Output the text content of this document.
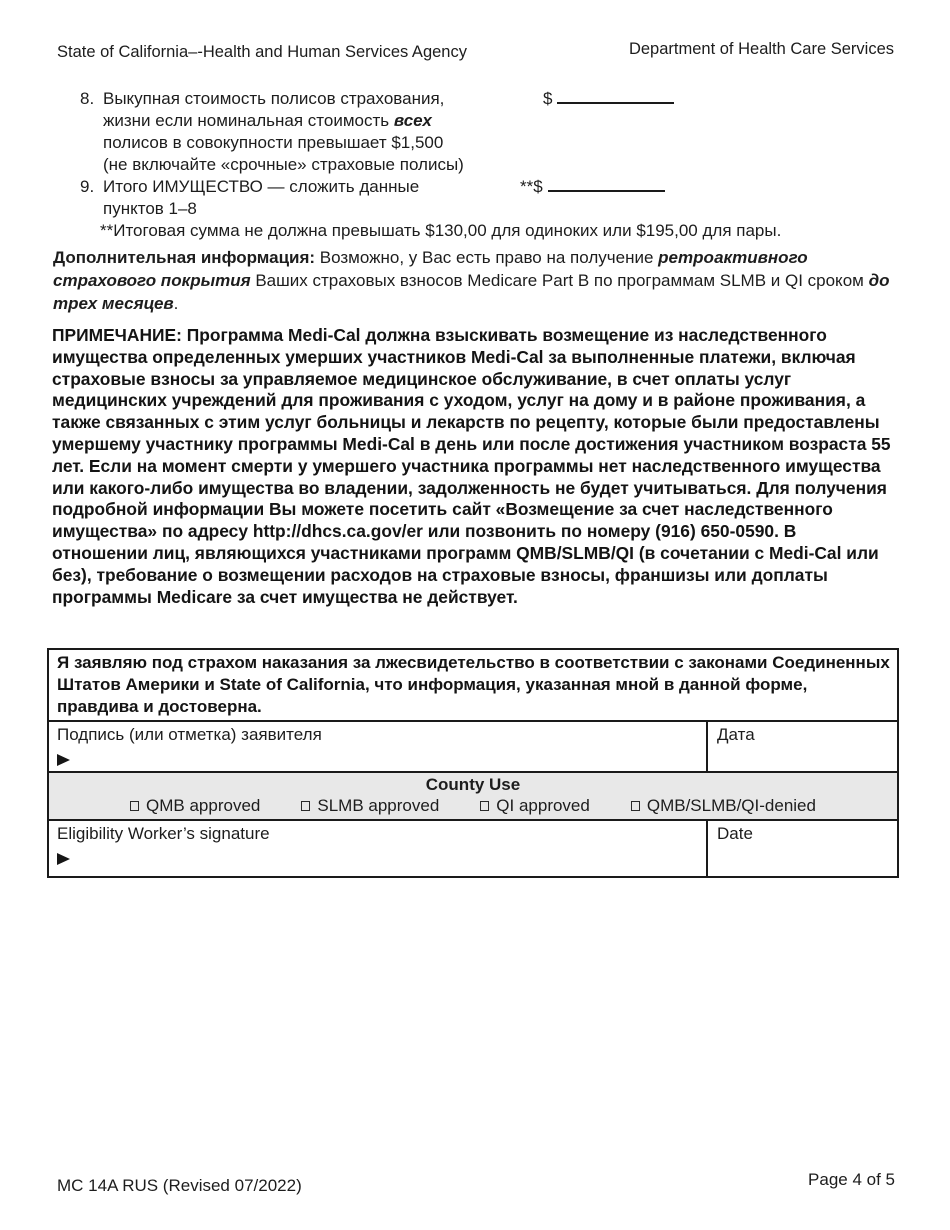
State of California–-Health and Human Services Agency	Department of Health Care Services
8. Выкупная стоимость полисов страхования, жизни если номинальная стоимость всех полисов в совокупности превышает $1,500 (не включайте «срочные» страховые полисы)
$
9. Итого ИМУЩЕСТВО — сложить данные пунктов 1–8
**$
**Итоговая сумма не должна превышать $130,00 для одиноких или $195,00 для пары.
Дополнительная информация: Возможно, у Вас есть право на получение ретроактивного страхового покрытия Ваших страховых взносов Medicare Part B по программам SLMB и QI сроком до трех месяцев.
ПРИМЕЧАНИЕ: Программа Medi-Cal должна взыскивать возмещение из наследственного имущества определенных умерших участников Medi-Cal за выполненные платежи, включая страховые взносы за управляемое медицинское обслуживание, в счет оплаты услуг медицинских учреждений для проживания с уходом, услуг на дому и в районе проживания, а также связанных с этим услуг больницы и лекарств по рецепту, которые были предоставлены умершему участнику программы Medi-Cal в день или после достижения участником возраста 55 лет. Если на момент смерти у умершего участника программы нет наследственного имущества или какого-либо имущества во владении, задолженность не будет учитываться. Для получения подробной информации Вы можете посетить сайт «Возмещение за счет наследственного имущества» по адресу http://dhcs.ca.gov/er или позвонить по номеру (916) 650-0590. В отношении лиц, являющихся участниками программ QMB/SLMB/QI (в сочетании с Medi-Cal или без), требование о возмещении расходов на страховые взносы, франшизы или доплаты программы Medicare за счет имущества не действует.
Я заявляю под страхом наказания за лжесвидетельство в соответствии с законами Соединенных Штатов Америки и State of California, что информация, указанная мной в данной форме, правдива и достоверна.
Подпись (или отметка) заявителя	Дата
County Use
QMB approved	SLMB approved	QI approved	QMB/SLMB/QI-denied
Eligibility Worker’s signature	Date
MC 14A RUS (Revised 07/2022)	Page 4 of 5
